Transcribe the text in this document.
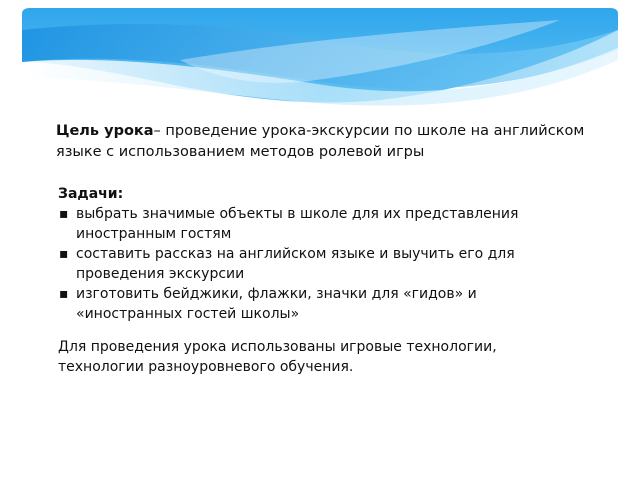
Цель урока– проведение урока-экскурсии по школе на английском языке с использованием методов ролевой игры

Задачи:

▪ выбрать значимые объекты в школе для их представления иностранным гостям
▪ составить рассказ на английском языке и выучить его для проведения экскурсии
▪ изготовить бейджики, флажки, значки для «гидов» и «иностранных гостей школы»
Для проведения урока использованы игровые технологии, технологии разноуровневого обучения.
